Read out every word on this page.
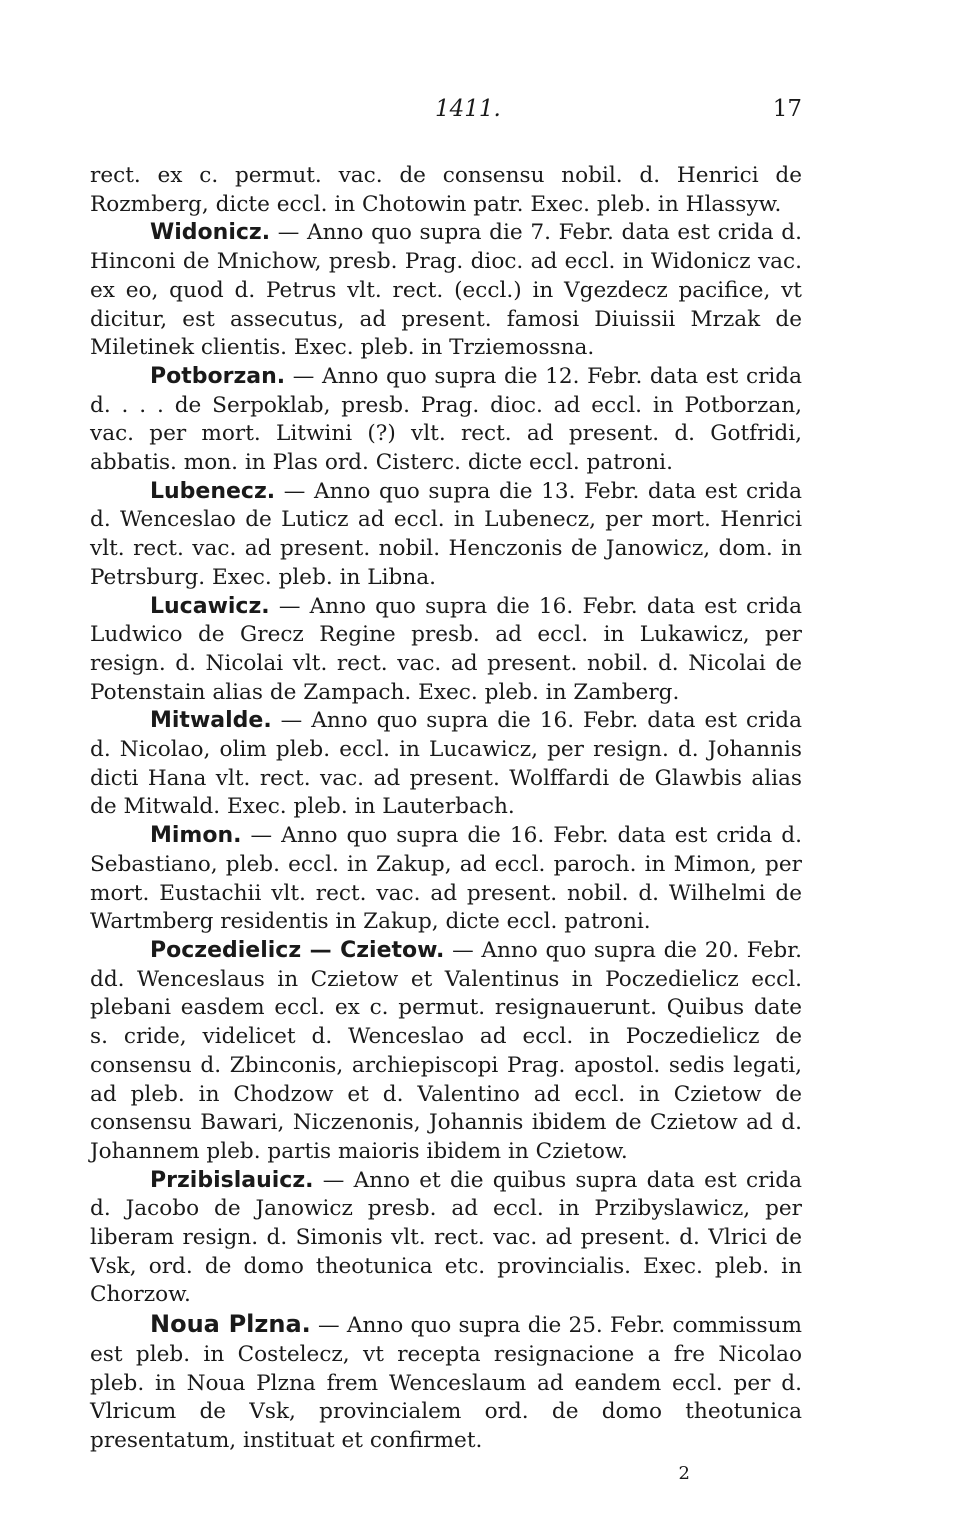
1411.	17

rect. ex c. permut. vac. de consensu nobil. d. Henrici de Rozmberg, dicte eccl. in Chotowin patr. Exec. pleb. in Hlassyw.

Widonicz. — Anno quo supra die 7. Febr. data est crida d. Hinconi de Mnichow, presb. Prag. dioc. ad eccl. in Widonicz vac. ex eo, quod d. Petrus vlt. rect. (eccl.) in Vgezdecz pacifice, vt dicitur, est assecutus, ad present. famosi Diuissii Mrzak de Miletinek clientis. Exec. pleb. in Trziemossna.

Potborzan. — Anno quo supra die 12. Febr. data est crida d. . . . de Serpoklab, presb. Prag. dioc. ad eccl. in Potborzan, vac. per mort. Litwini (?) vlt. rect. ad present. d. Gotfridi, abbatis. mon. in Plas ord. Cisterc. dicte eccl. patroni.

Lubenecz. — Anno quo supra die 13. Febr. data est crida d. Wenceslao de Luticz ad eccl. in Lubenecz, per mort. Henrici vlt. rect. vac. ad present. nobil. Henczonis de Janowicz, dom. in Petrsburg. Exec. pleb. in Libna.

Lucawicz. — Anno quo supra die 16. Febr. data est crida Ludwico de Grecz Regine presb. ad eccl. in Lukawicz, per resign. d. Nicolai vlt. rect. vac. ad present. nobil. d. Nicolai de Potenstain alias de Zampach. Exec. pleb. in Zamberg.

Mitwalde. — Anno quo supra die 16. Febr. data est crida d. Nicolao, olim pleb. eccl. in Lucawicz, per resign. d. Johannis dicti Hana vlt. rect. vac. ad present. Wolffardi de Glawbis alias de Mitwald. Exec. pleb. in Lauterbach.

Mimon. — Anno quo supra die 16. Febr. data est crida d. Sebastiano, pleb. eccl. in Zakup, ad eccl. paroch. in Mimon, per mort. Eustachii vlt. rect. vac. ad present. nobil. d. Wilhelmi de Wartmberg residentis in Zakup, dicte eccl. patroni.

Poczedielicz — Czietow. — Anno quo supra die 20. Febr. dd. Wenceslaus in Czietow et Valentinus in Poczedielicz eccl. plebani easdem eccl. ex c. permut. resignauerunt. Quibus date s. cride, videlicet d. Wenceslao ad eccl. in Poczedielicz de consensu d. Zbinconis, archiepiscopi Prag. apostol. sedis legati, ad pleb. in Chodzow et d. Valentino ad eccl. in Czietow de consensu Bawari, Niczenonis, Johannis ibidem de Czietow ad d. Johannem pleb. partis maioris ibidem in Czietow.

Przibislauicz. — Anno et die quibus supra data est crida d. Jacobo de Janowicz presb. ad eccl. in Przibyslawicz, per liberam resign. d. Simonis vlt. rect. vac. ad present. d. Vlrici de Vsk, ord. de domo theotunica etc. provincialis. Exec. pleb. in Chorzow.

Noua Plzna. — Anno quo supra die 25. Febr. commissum est pleb. in Costelecz, vt recepta resignacione a fre Nicolao pleb. in Noua Plzna frem Wenceslaum ad eandem eccl. per d. Vlricum de Vsk, provincialem ord. de domo theotunica presentatum, instituat et confirmet.

2
